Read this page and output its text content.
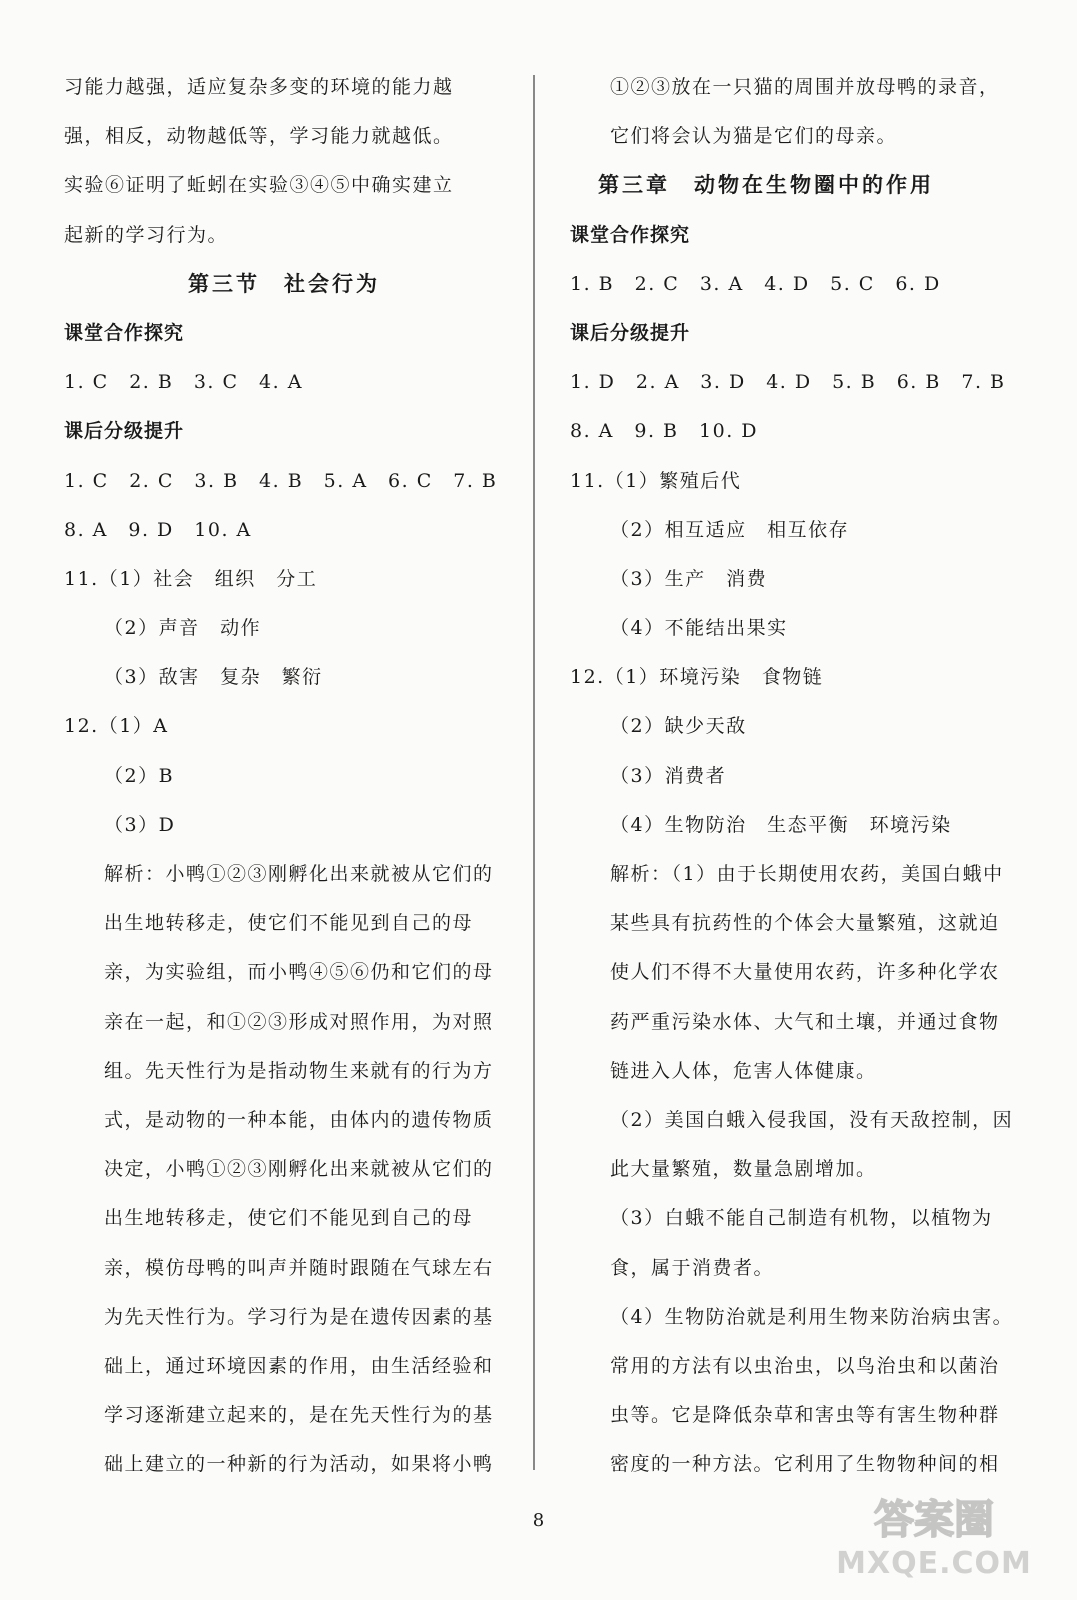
习能力越强，适应复杂多变的环境的能力越
强，相反，动物越低等，学习能力就越低。
实验⑥证明了蚯蚓在实验③④⑤中确实建立
起新的学习行为。
第三节　社会行为
课堂合作探究
1. C　2. B　3. C　4. A
课后分级提升
1. C　2. C　3. B　4. B　5. A　6. C　7. B
8. A　9. D　10. A
11.（1）社会　组织　分工
（2）声音　动作
（3）敌害　复杂　繁衍
12.（1）A
（2）B
（3）D
解析：小鸭①②③刚孵化出来就被从它们的
出生地转移走，使它们不能见到自己的母
亲，为实验组，而小鸭④⑤⑥仍和它们的母
亲在一起，和①②③形成对照作用，为对照
组。先天性行为是指动物生来就有的行为方
式，是动物的一种本能，由体内的遗传物质
决定，小鸭①②③刚孵化出来就被从它们的
出生地转移走，使它们不能见到自己的母
亲，模仿母鸭的叫声并随时跟随在气球左右
为先天性行为。学习行为是在遗传因素的基
础上，通过环境因素的作用，由生活经验和
学习逐渐建立起来的，是在先天性行为的基
础上建立的一种新的行为活动，如果将小鸭
①②③放在一只猫的周围并放母鸭的录音，
它们将会认为猫是它们的母亲。
第三章　动物在生物圈中的作用
课堂合作探究
1. B　2. C　3. A　4. D　5. C　6. D
课后分级提升
1. D　2. A　3. D　4. D　5. B　6. B　7. B
8. A　9. B　10. D
11.（1）繁殖后代
（2）相互适应　相互依存
（3）生产　消费
（4）不能结出果实
12.（1）环境污染　食物链
（2）缺少天敌
（3）消费者
（4）生物防治　生态平衡　环境污染
解析：（1）由于长期使用农药，美国白蛾中
某些具有抗药性的个体会大量繁殖，这就迫
使人们不得不大量使用农药，许多种化学农
药严重污染水体、大气和土壤，并通过食物
链进入人体，危害人体健康。
（2）美国白蛾入侵我国，没有天敌控制，因
此大量繁殖，数量急剧增加。
（3）白蛾不能自己制造有机物，以植物为
食，属于消费者。
（4）生物防治就是利用生物来防治病虫害。
常用的方法有以虫治虫，以鸟治虫和以菌治
虫等。它是降低杂草和害虫等有害生物种群
密度的一种方法。它利用了生物物种间的相
8	答案圈
MXQE.COM
